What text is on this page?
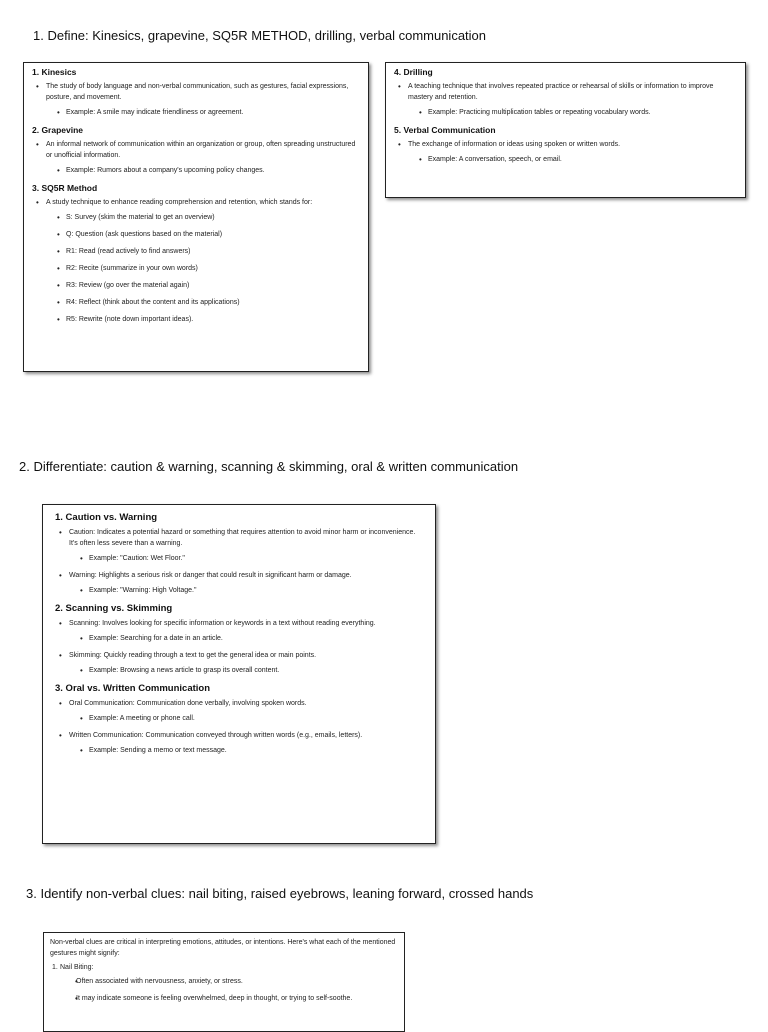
1. Define: Kinesics, grapevine, SQ5R METHOD, drilling, verbal communication
1. Kinesics
• The study of body language and non-verbal communication, such as gestures, facial expressions, posture, and movement.
• Example: A smile may indicate friendliness or agreement.
2. Grapevine
• An informal network of communication within an organization or group, often spreading unstructured or unofficial information.
• Example: Rumors about a company's upcoming policy changes.
3. SQ5R Method
• A study technique to enhance reading comprehension and retention, which stands for:
• S: Survey (skim the material to get an overview)
• Q: Question (ask questions based on the material)
• R1: Read (read actively to find answers)
• R2: Recite (summarize in your own words)
• R3: Review (go over the material again)
• R4: Reflect (think about the content and its applications)
• R5: Rewrite (note down important ideas).
4. Drilling
• A teaching technique that involves repeated practice or rehearsal of skills or information to improve mastery and retention.
• Example: Practicing multiplication tables or repeating vocabulary words.
5. Verbal Communication
• The exchange of information or ideas using spoken or written words.
• Example: A conversation, speech, or email.
2. Differentiate: caution & warning, scanning & skimming, oral & written communication
1. Caution vs. Warning
• Caution: Indicates a potential hazard or something that requires attention to avoid minor harm or inconvenience. It's often less severe than a warning.
• Example: "Caution: Wet Floor."
• Warning: Highlights a serious risk or danger that could result in significant harm or damage.
• Example: "Warning: High Voltage."
2. Scanning vs. Skimming
• Scanning: Involves looking for specific information or keywords in a text without reading everything.
• Example: Searching for a date in an article.
• Skimming: Quickly reading through a text to get the general idea or main points.
• Example: Browsing a news article to grasp its overall content.
3. Oral vs. Written Communication
• Oral Communication: Communication done verbally, involving spoken words.
• Example: A meeting or phone call.
• Written Communication: Communication conveyed through written words (e.g., emails, letters).
• Example: Sending a memo or text message.
3. Identify non-verbal clues: nail biting, raised eyebrows, leaning forward, crossed hands
Non-verbal clues are critical in interpreting emotions, attitudes, or intentions. Here's what each of the mentioned gestures might signify:
1. Nail Biting:
• Often associated with nervousness, anxiety, or stress.
• It may indicate someone is feeling overwhelmed, deep in thought, or trying to self-soothe.
